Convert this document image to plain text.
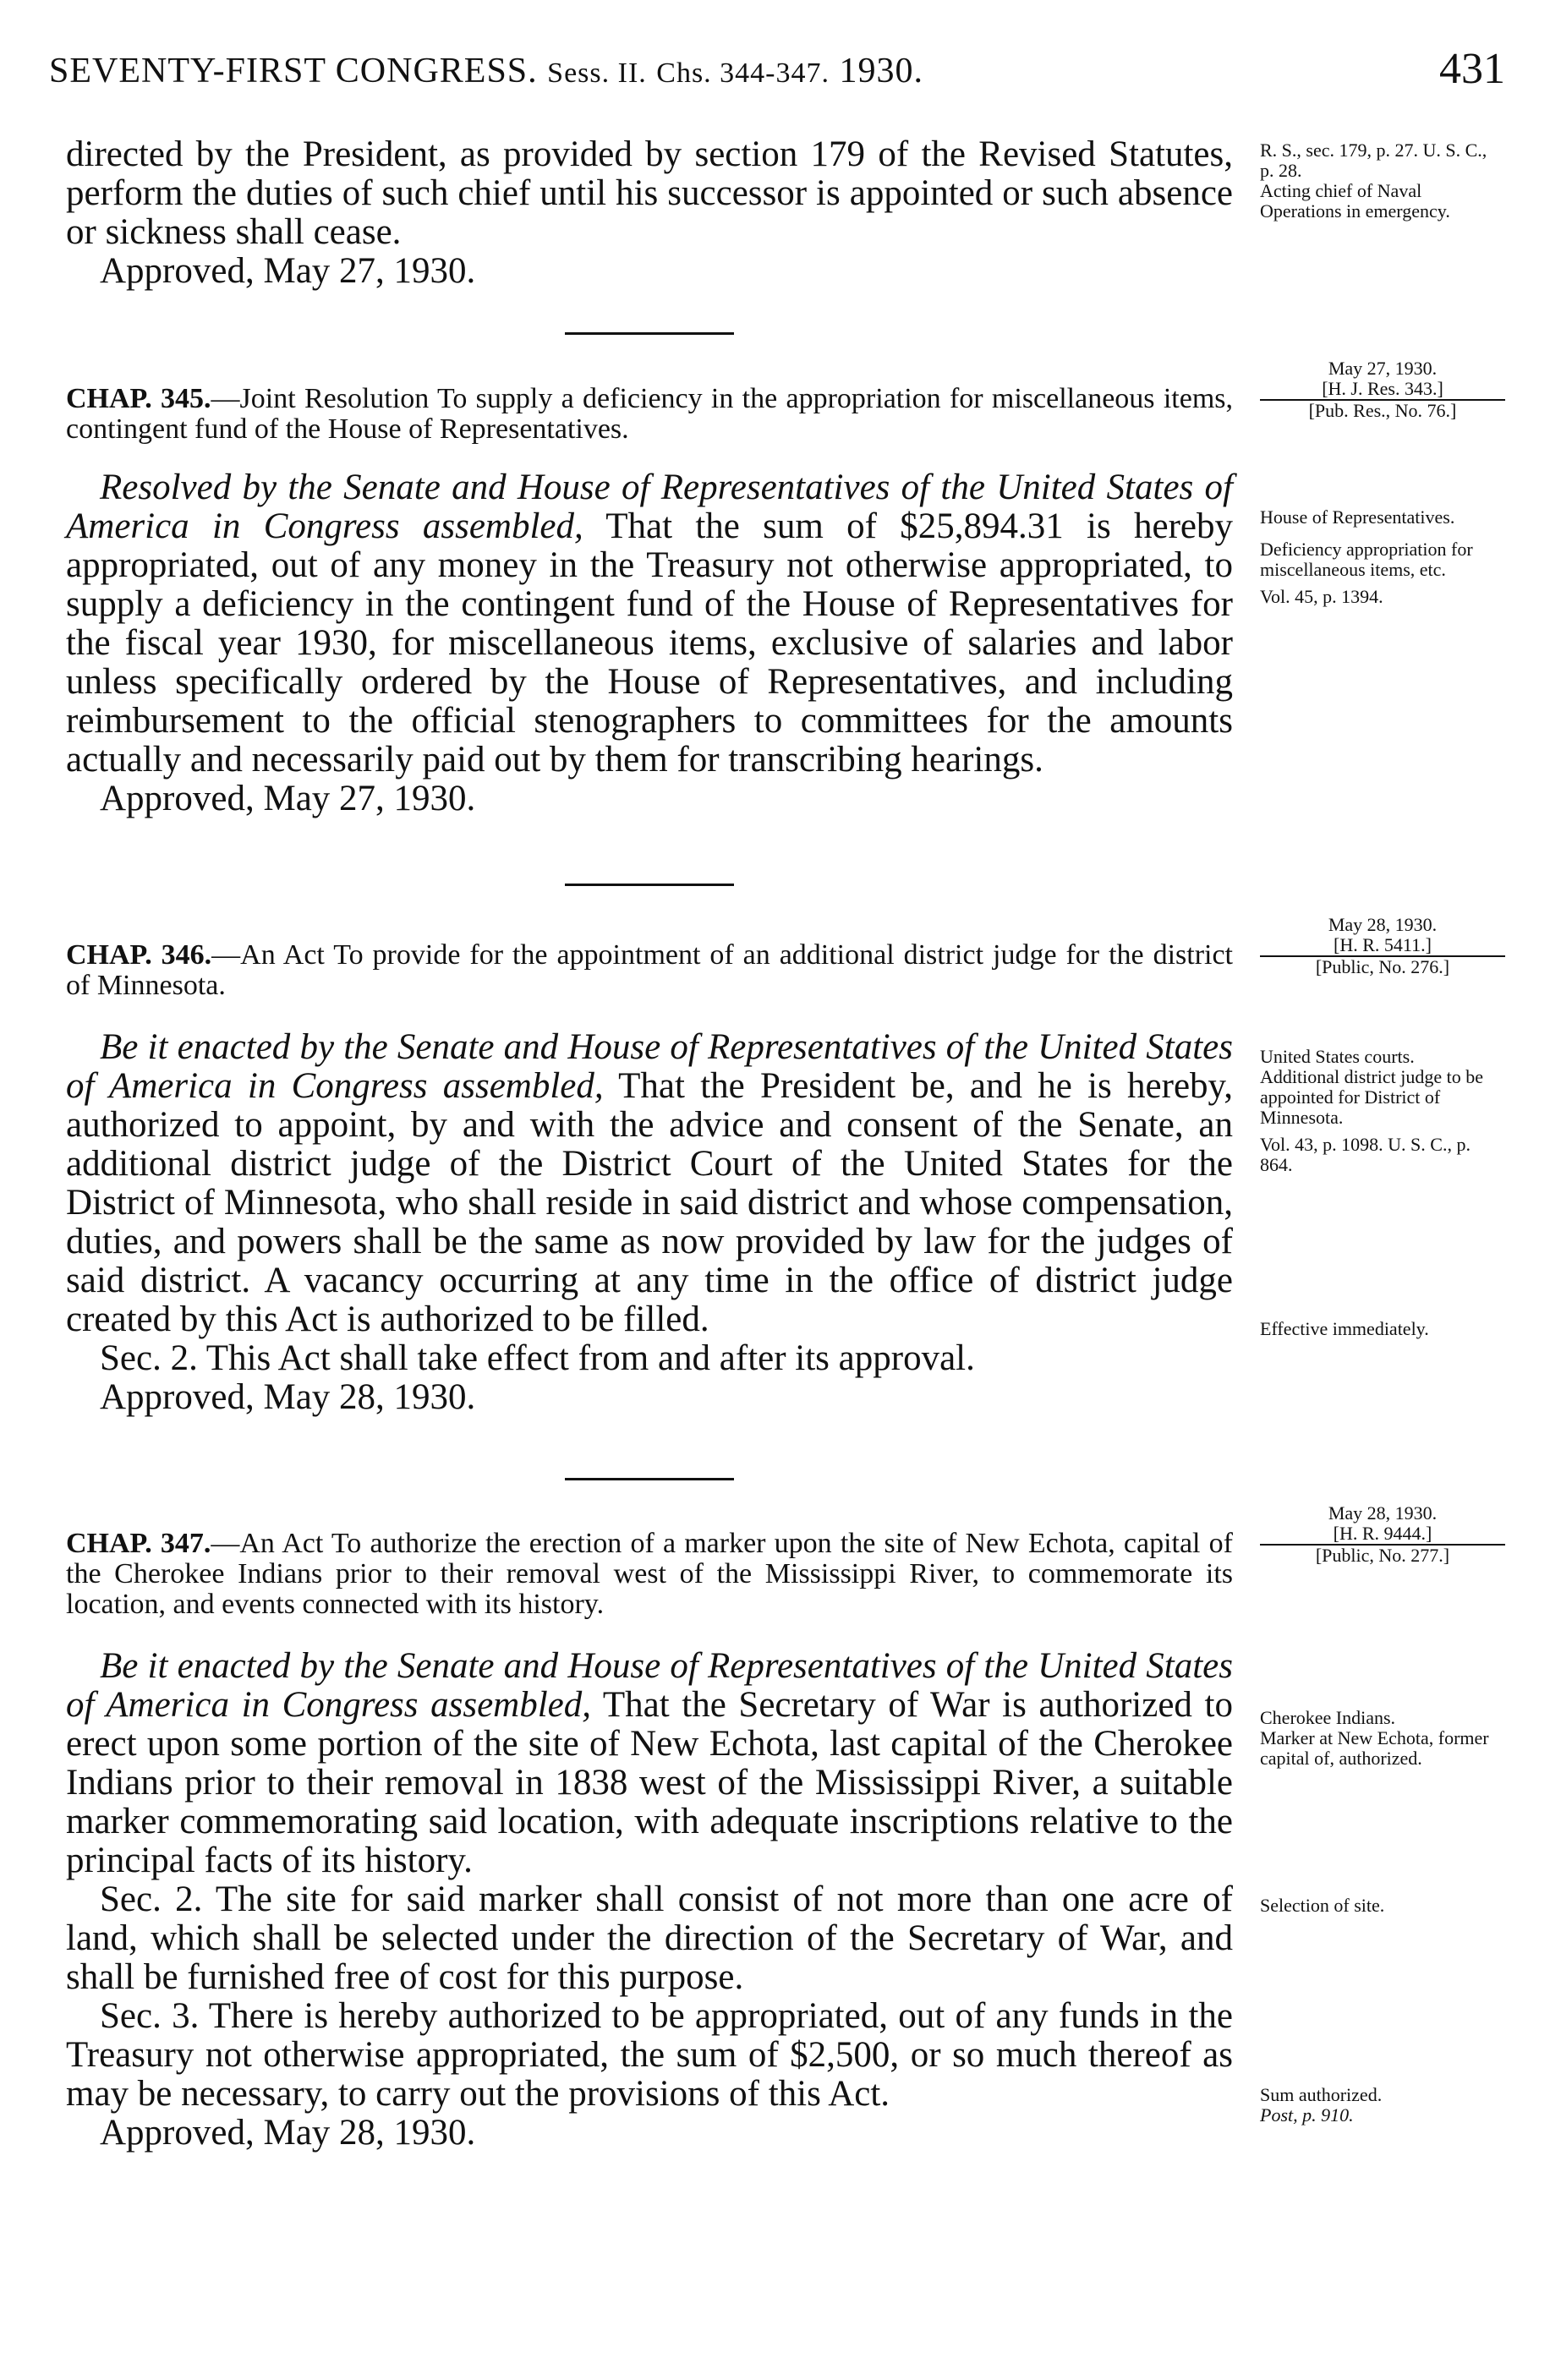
SEVENTY-FIRST CONGRESS. Sess. II. Chs. 344-347. 1930.	431

directed by the President, as provided by section 179 of the Revised Statutes, perform the duties of such chief until his successor is appointed or such absence or sickness shall cease.

Approved, May 27, 1930.

R. S., sec. 179, p. 27. U. S. C., p. 28.

Acting chief of Naval Operations in emergency.

May 27, 1930.

[H. J. Res. 343.]

[Pub. Res., No. 76.]

CHAP. 345.—Joint Resolution To supply a deficiency in the appropriation for miscellaneous items, contingent fund of the House of Representatives.

Resolved by the Senate and House of Representatives of the United States of America in Congress assembled, That the sum of $25,894.31 is hereby appropriated, out of any money in the Treasury not otherwise appropriated, to supply a deficiency in the contingent fund of the House of Representatives for the fiscal year 1930, for miscellaneous items, exclusive of salaries and labor unless specifically ordered by the House of Representatives, and including reimbursement to the official stenographers to committees for the amounts actually and necessarily paid out by them for transcribing hearings.

Approved, May 27, 1930.

House of Representatives.

Deficiency appropriation for miscellaneous items, etc.

Vol. 45, p. 1394.

May 28, 1930.

[H. R. 5411.]

[Public, No. 276.]

CHAP. 346.—An Act To provide for the appointment of an additional district judge for the district of Minnesota.

Be it enacted by the Senate and House of Representatives of the United States of America in Congress assembled, That the President be, and he is hereby, authorized to appoint, by and with the advice and consent of the Senate, an additional district judge of the District Court of the United States for the District of Minnesota, who shall reside in said district and whose compensation, duties, and powers shall be the same as now provided by law for the judges of said district. A vacancy occurring at any time in the office of district judge created by this Act is authorized to be filled.

Sec. 2. This Act shall take effect from and after its approval.

Approved, May 28, 1930.

United States courts.

Additional district judge to be appointed for District of Minnesota.

Vol. 43, p. 1098. U. S. C., p. 864.

Effective immediately.

May 28, 1930.

[H. R. 9444.]

[Public, No. 277.]

CHAP. 347.—An Act To authorize the erection of a marker upon the site of New Echota, capital of the Cherokee Indians prior to their removal west of the Mississippi River, to commemorate its location, and events connected with its history.

Be it enacted by the Senate and House of Representatives of the United States of America in Congress assembled, That the Secretary of War is authorized to erect upon some portion of the site of New Echota, last capital of the Cherokee Indians prior to their removal in 1838 west of the Mississippi River, a suitable marker commemorating said location, with adequate inscriptions relative to the principal facts of its history.

Sec. 2. The site for said marker shall consist of not more than one acre of land, which shall be selected under the direction of the Secretary of War, and shall be furnished free of cost for this purpose.

Sec. 3. There is hereby authorized to be appropriated, out of any funds in the Treasury not otherwise appropriated, the sum of $2,500, or so much thereof as may be necessary, to carry out the provisions of this Act.

Approved, May 28, 1930.

Cherokee Indians.

Marker at New Echota, former capital of, authorized.

Selection of site.

Sum authorized.

Post, p. 910.
